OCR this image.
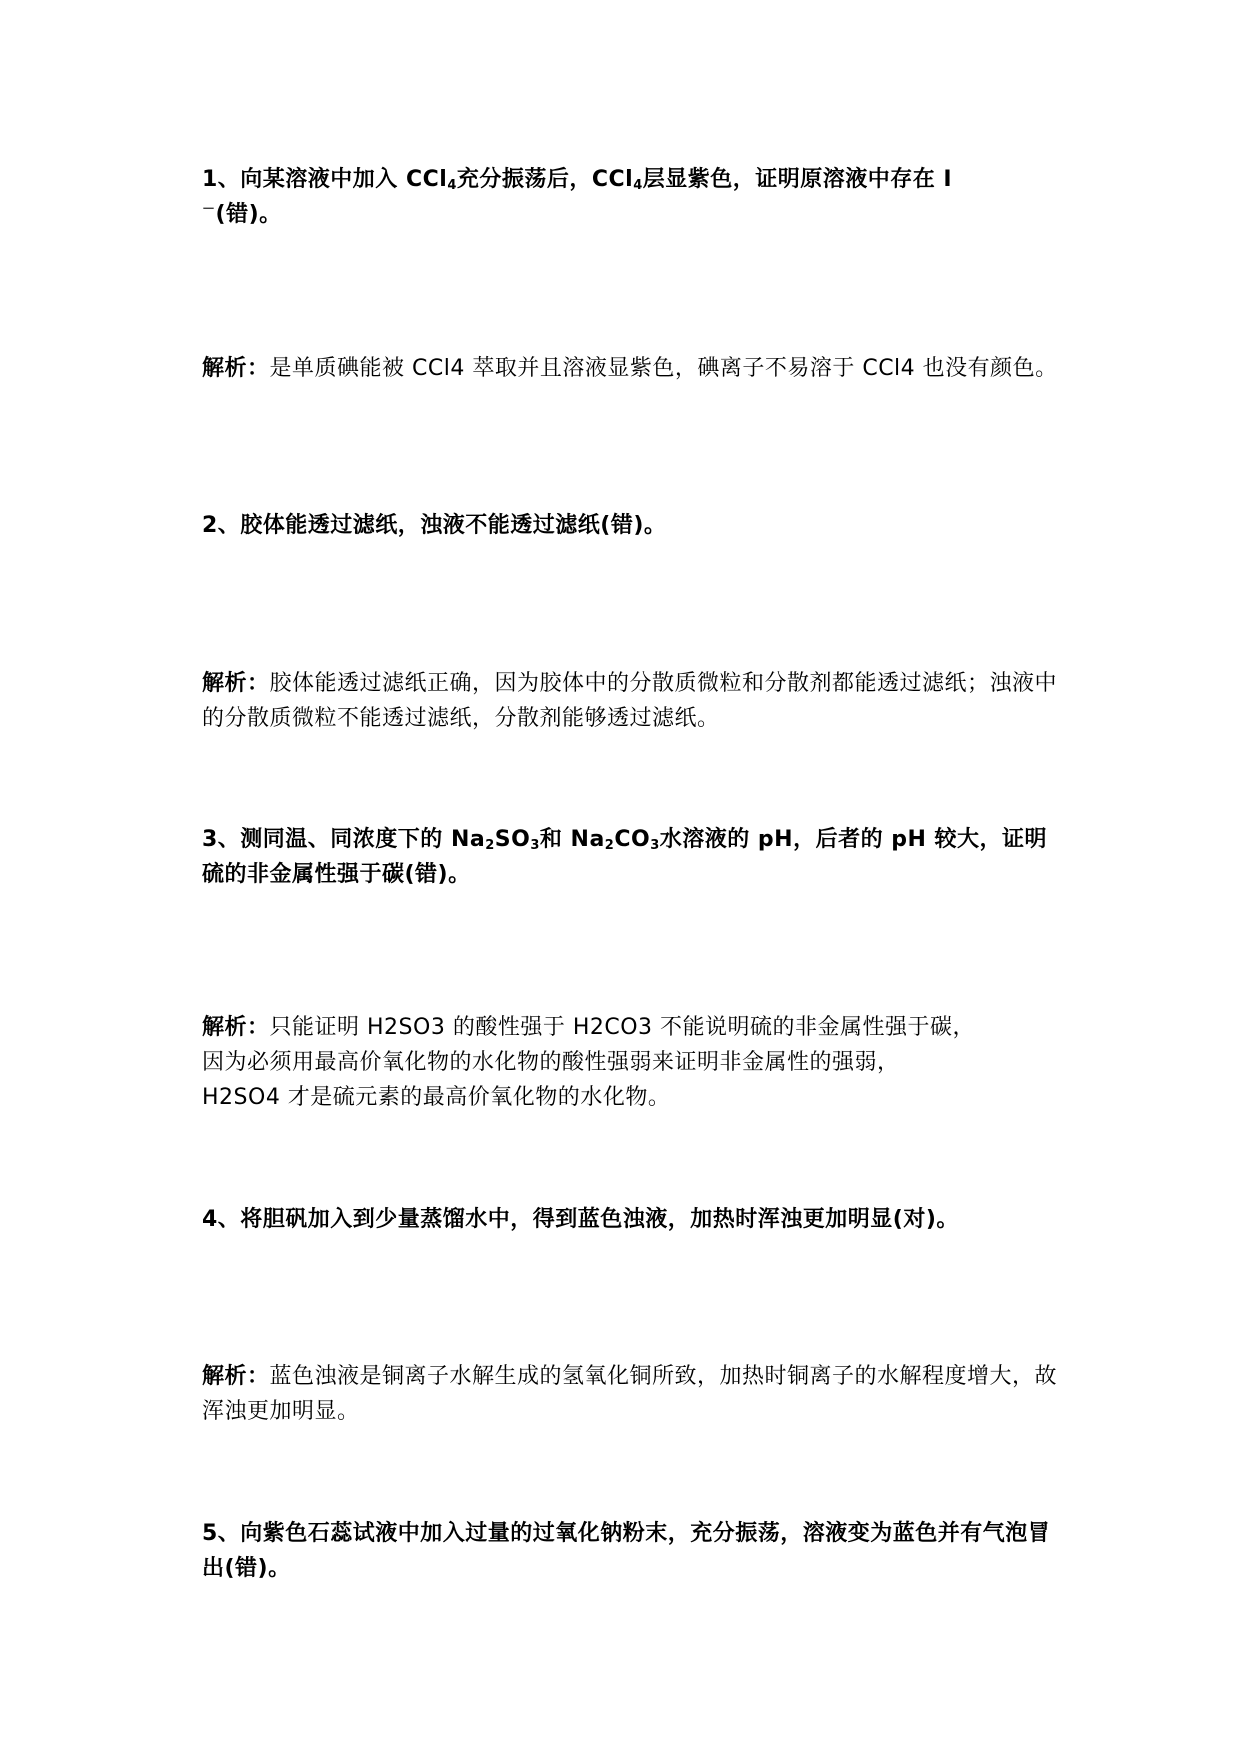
1、向某溶液中加入 CCl$_4$充分振荡后，CCl$_4$层显紫色，证明原溶液中存在 I
－(错)。
解析：是单质碘能被 CCl4 萃取并且溶液显紫色，碘离子不易溶于 CCl4 也没有颜色。
2、胶体能透过滤纸，浊液不能透过滤纸(错)。
解析：胶体能透过滤纸正确，因为胶体中的分散质微粒和分散剂都能透过滤纸；浊液中的分散质微粒不能透过滤纸，分散剂能够透过滤纸。
3、测同温、同浓度下的 $Na_2SO_3$和 $Na_2CO_3$水溶液的 pH，后者的 pH 较大，证明硫的非金属性强于碳(错)。
解析：只能证明 H2SO3 的酸性强于 H2CO3 不能说明硫的非金属性强于碳，
因为必须用最高价氧化物的水化物的酸性强弱来证明非金属性的强弱，
H2SO4 才是硫元素的最高价氧化物的水化物。
4、将胆矾加入到少量蒸馏水中，得到蓝色浊液，加热时浑浊更加明显(对)。
解析：蓝色浊液是铜离子水解生成的氢氧化铜所致，加热时铜离子的水解程度增大，故浑浊更加明显。
5、向紫色石蕊试液中加入过量的过氧化钠粉末，充分振荡，溶液变为蓝色并有气泡冒出(错)。
